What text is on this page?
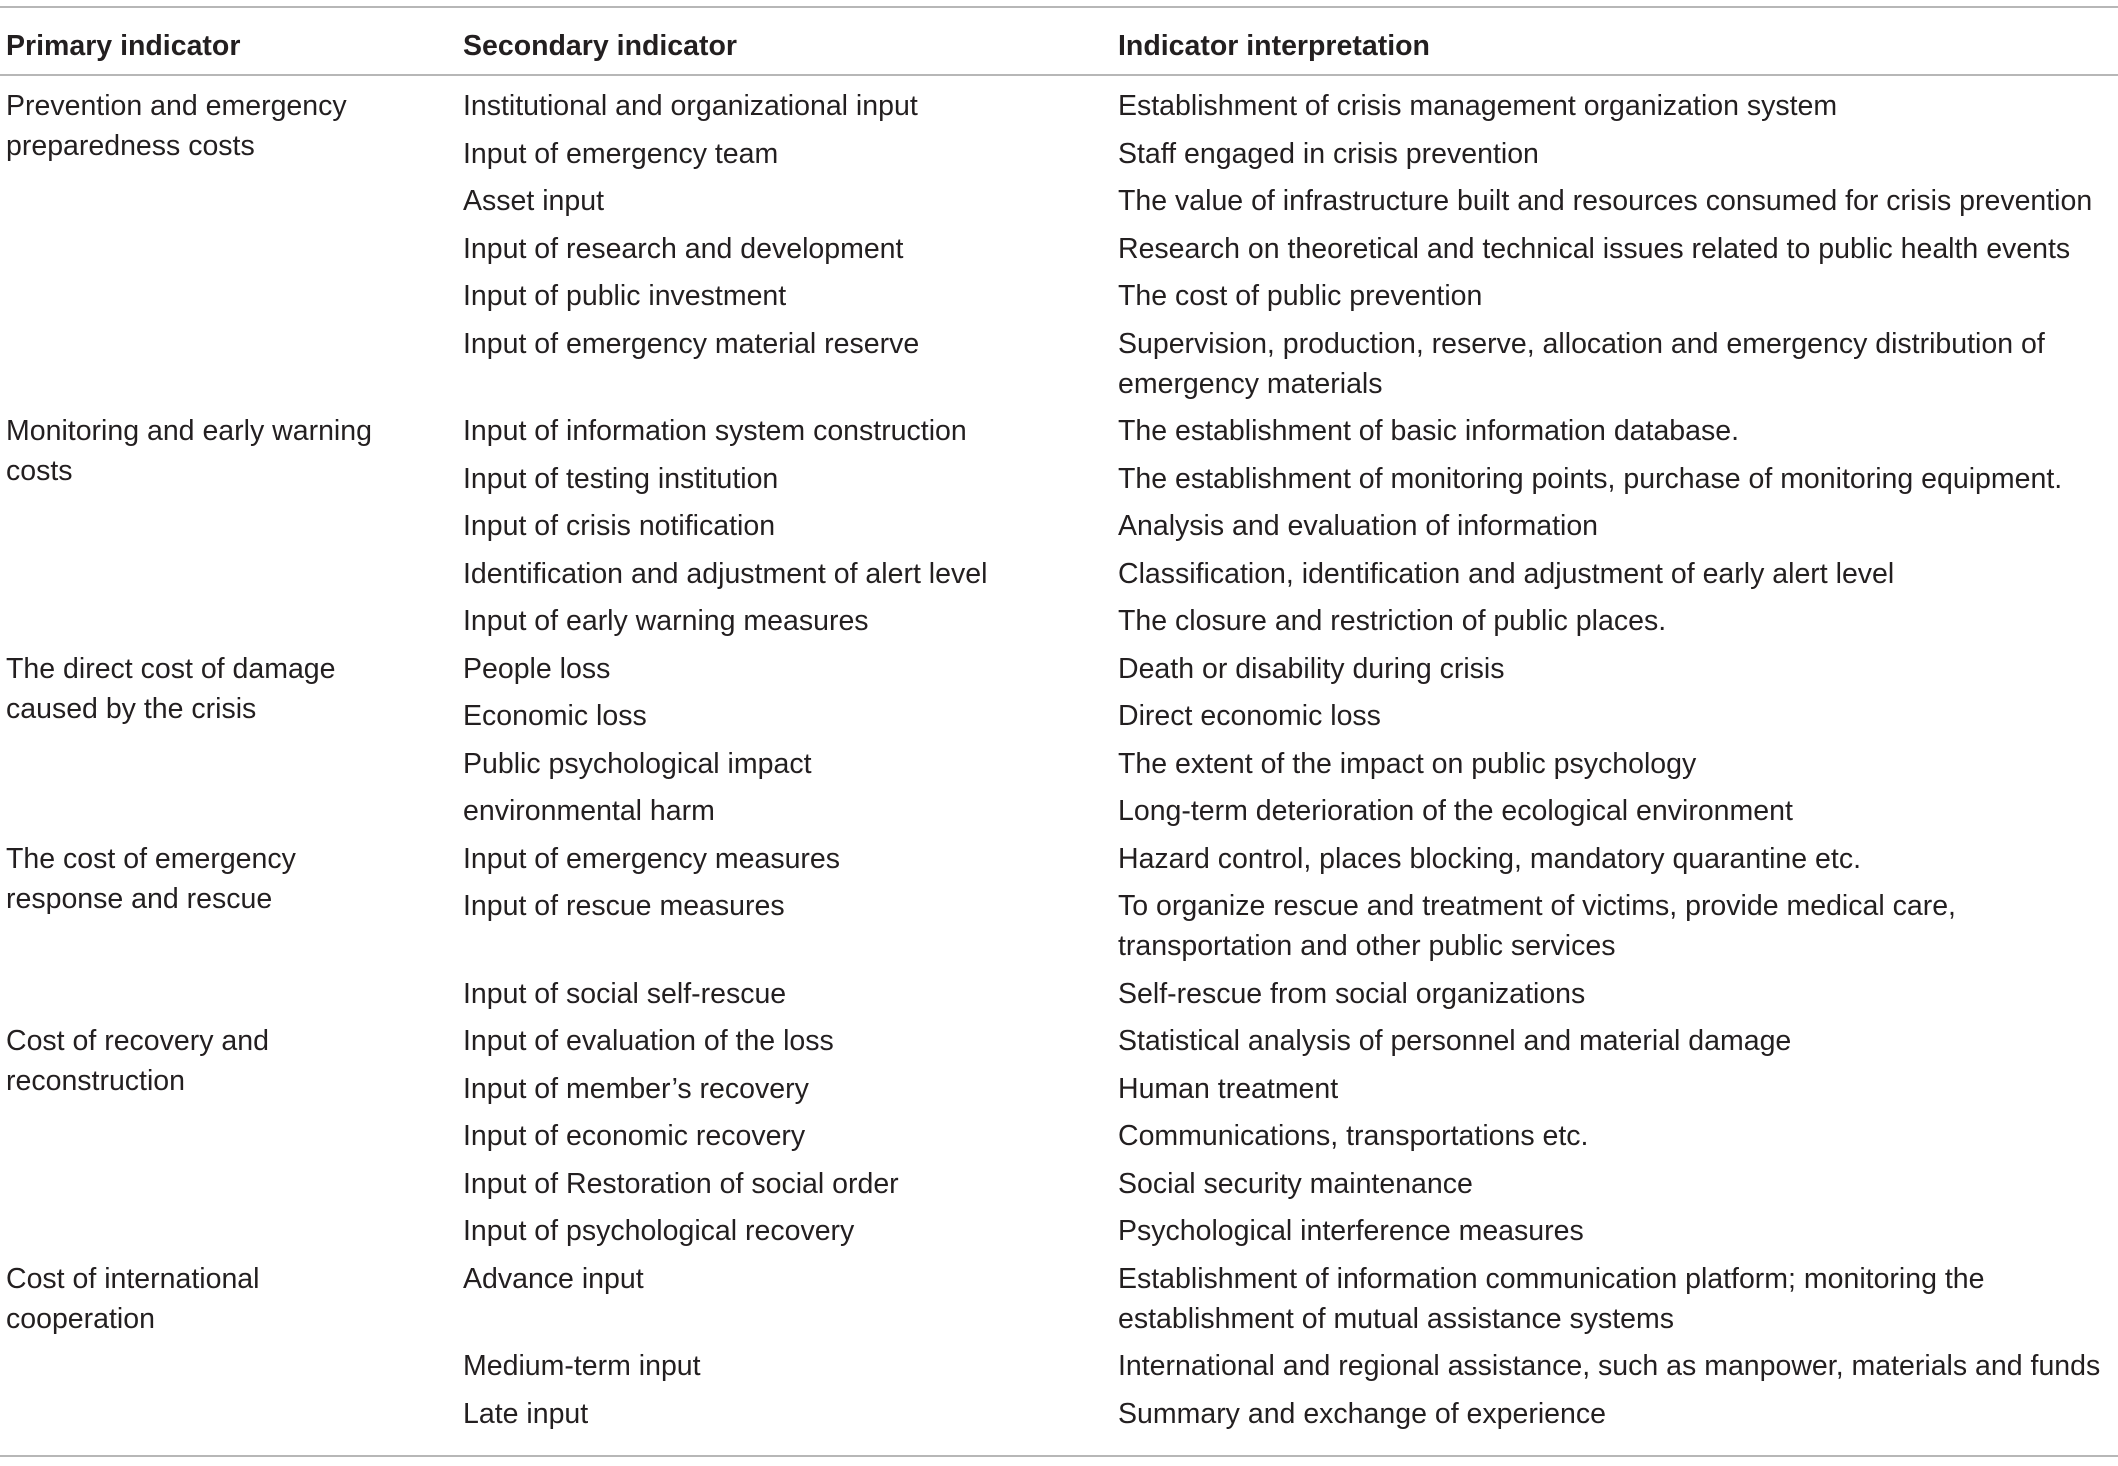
Primary indicator	Secondary indicator	Indicator interpretation
Prevention and emergency
preparedness costs
Institutional and organizational input	Establishment of crisis management organization system
Input of emergency team	Staff engaged in crisis prevention
Asset input	The value of infrastructure built and resources consumed for crisis prevention
Input of research and development	Research on theoretical and technical issues related to public health events
Input of public investment	The cost of public prevention
Input of emergency material reserve	Supervision, production, reserve, allocation and emergency distribution of
emergency materials
Monitoring and early warning
costs
Input of information system construction	The establishment of basic information database.
Input of testing institution	The establishment of monitoring points, purchase of monitoring equipment.
Input of crisis notification	Analysis and evaluation of information
Identification and adjustment of alert level	Classification, identification and adjustment of early alert level
Input of early warning measures	The closure and restriction of public places.
The direct cost of damage
caused by the crisis
People loss	Death or disability during crisis
Economic loss	Direct economic loss
Public psychological impact	The extent of the impact on public psychology
environmental harm	Long-term deterioration of the ecological environment
The cost of emergency
response and rescue
Input of emergency measures	Hazard control, places blocking, mandatory quarantine etc.
Input of rescue measures	To organize rescue and treatment of victims, provide medical care,
transportation and other public services
Input of social self-rescue	Self-rescue from social organizations
Cost of recovery and
reconstruction
Input of evaluation of the loss	Statistical analysis of personnel and material damage
Input of member’s recovery	Human treatment
Input of economic recovery	Communications, transportations etc.
Input of Restoration of social order	Social security maintenance
Input of psychological recovery	Psychological interference measures
Cost of international
cooperation
Advance input	Establishment of information communication platform; monitoring the
establishment of mutual assistance systems
Medium-term input	International and regional assistance, such as manpower, materials and funds
Late input	Summary and exchange of experience
